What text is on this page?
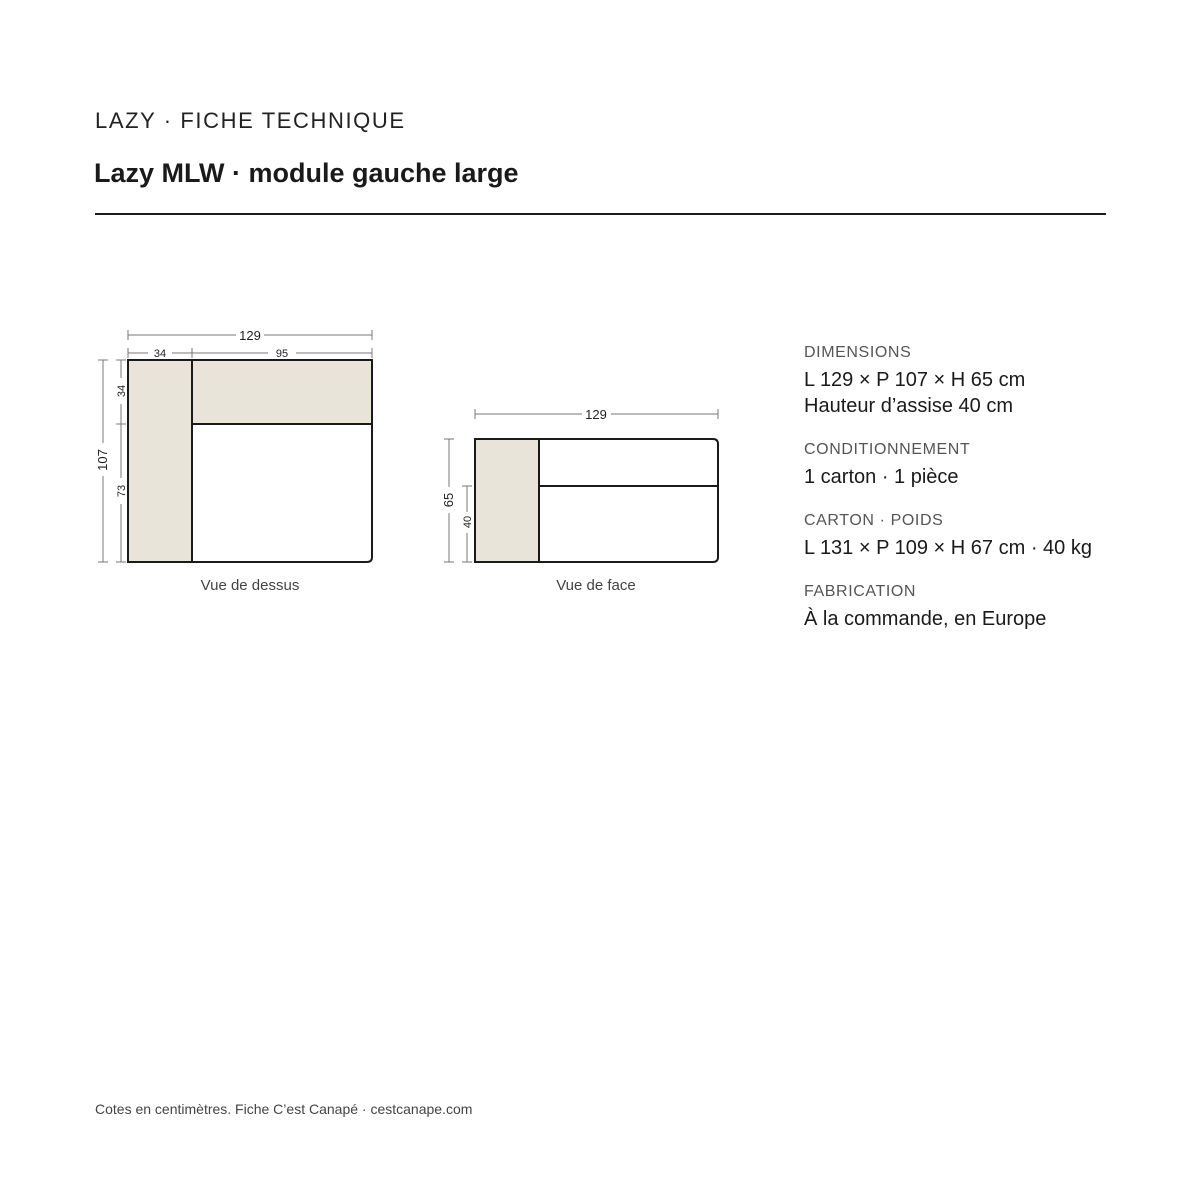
LAZY · FICHE TECHNIQUE
Lazy MLW · module gauche large
129
34	95
107
34
73
129
65
40
Vue de dessus	Vue de face
DIMENSIONS
L 129 × P 107 × H 65 cm
Hauteur d’assise 40 cm
CONDITIONNEMENT
1 carton · 1 pièce
CARTON · POIDS
L 131 × P 109 × H 67 cm · 40 kg
FABRICATION
À la commande, en Europe
Cotes en centimètres. Fiche C’est Canapé · cestcanape.com
